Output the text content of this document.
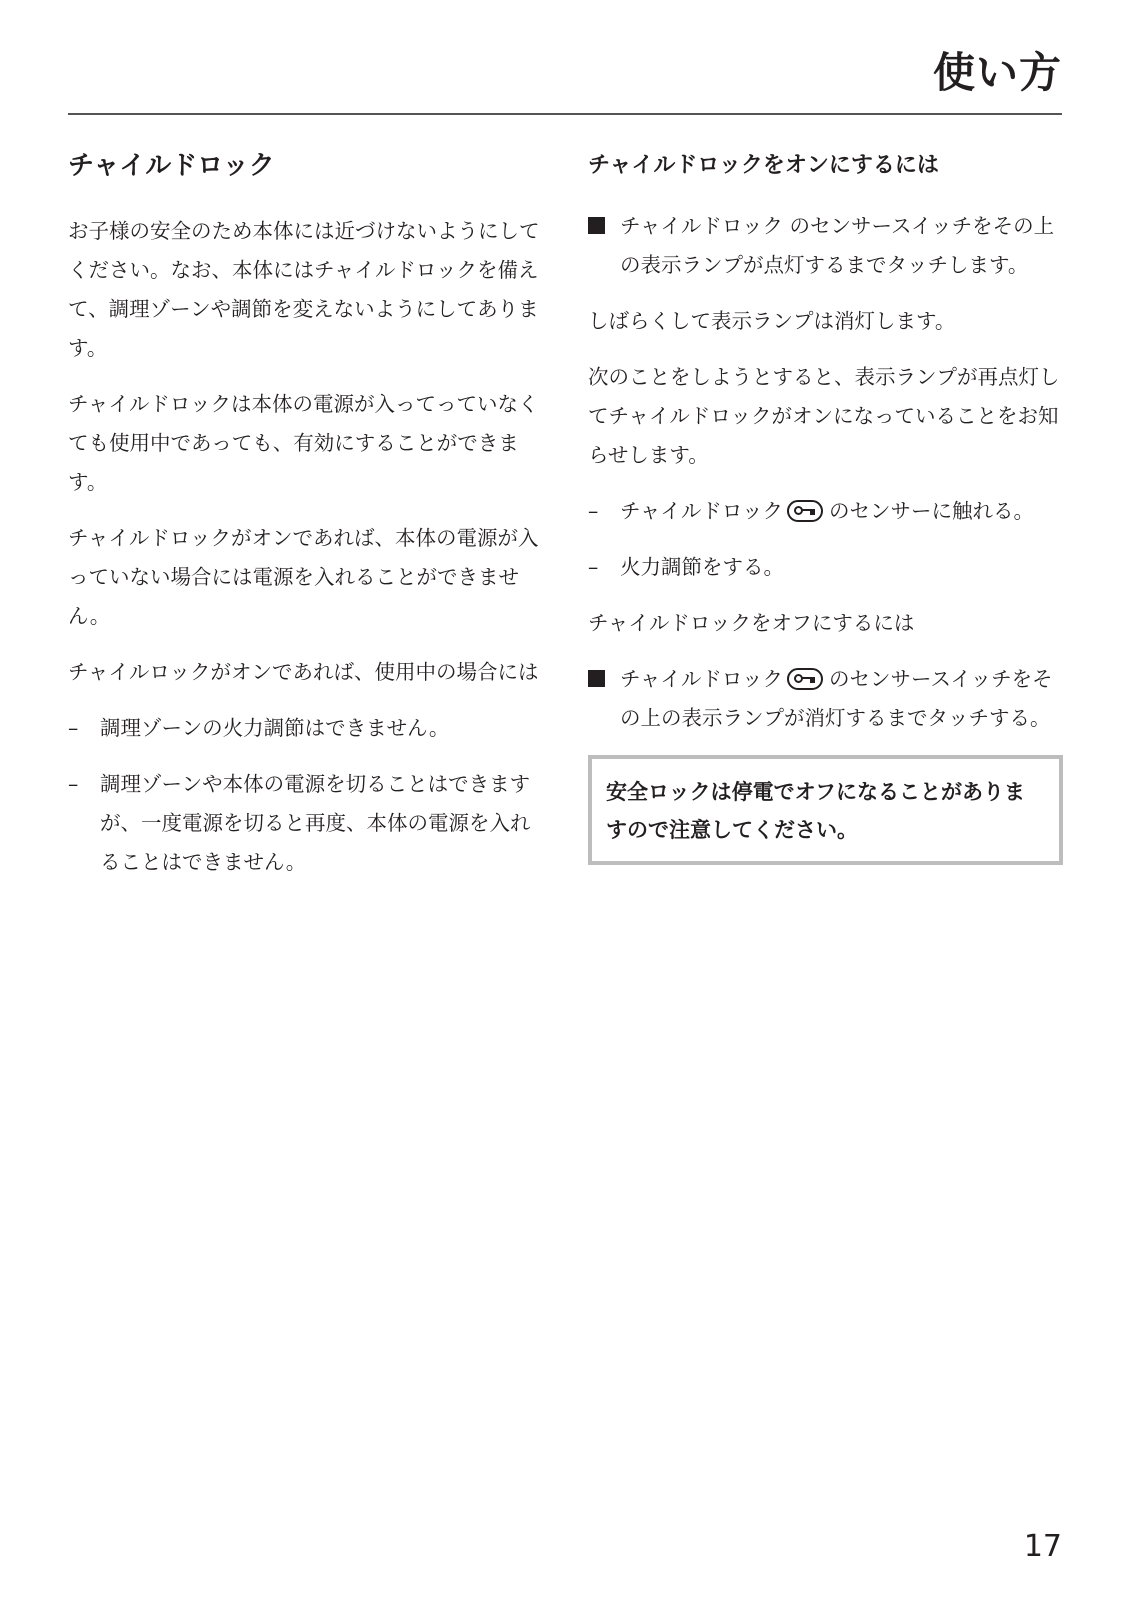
使い方
チャイルドロック

お子様の安全のため本体には近づけないようにしてください。なお、本体にはチャイルドロックを備えて、調理ゾーンや調節を変えないようにしてあります。

チャイルドロックは本体の電源が入ってっていなくても使用中であっても、有効にすることができます。

チャイルドロックがオンであれば、本体の電源が入っていない場合には電源を入れることができません。

チャイルロックがオンであれば、使用中の場合には

– 調理ゾーンの火力調節はできません。
– 調理ゾーンや本体の電源を切ることはできますが、一度電源を切ると再度、本体の電源を入れることはできません。
チャイルドロックをオンにするには
チャイルドロック のセンサースイッチをその上の表示ランプが点灯するまでタッチします。

しばらくして表示ランプは消灯します。

次のことをしようとすると、表示ランプが再点灯してチャイルドロックがオンになっていることをお知らせします。

– チャイルドロック のセンサーに触れる。
– 火力調節をする。

チャイルドロックをオフにするには

チャイルドロック のセンサースイッチをその上の表示ランプが消灯するまでタッチする。
安全ロックは停電でオフになることがありますので注意してください。
17
